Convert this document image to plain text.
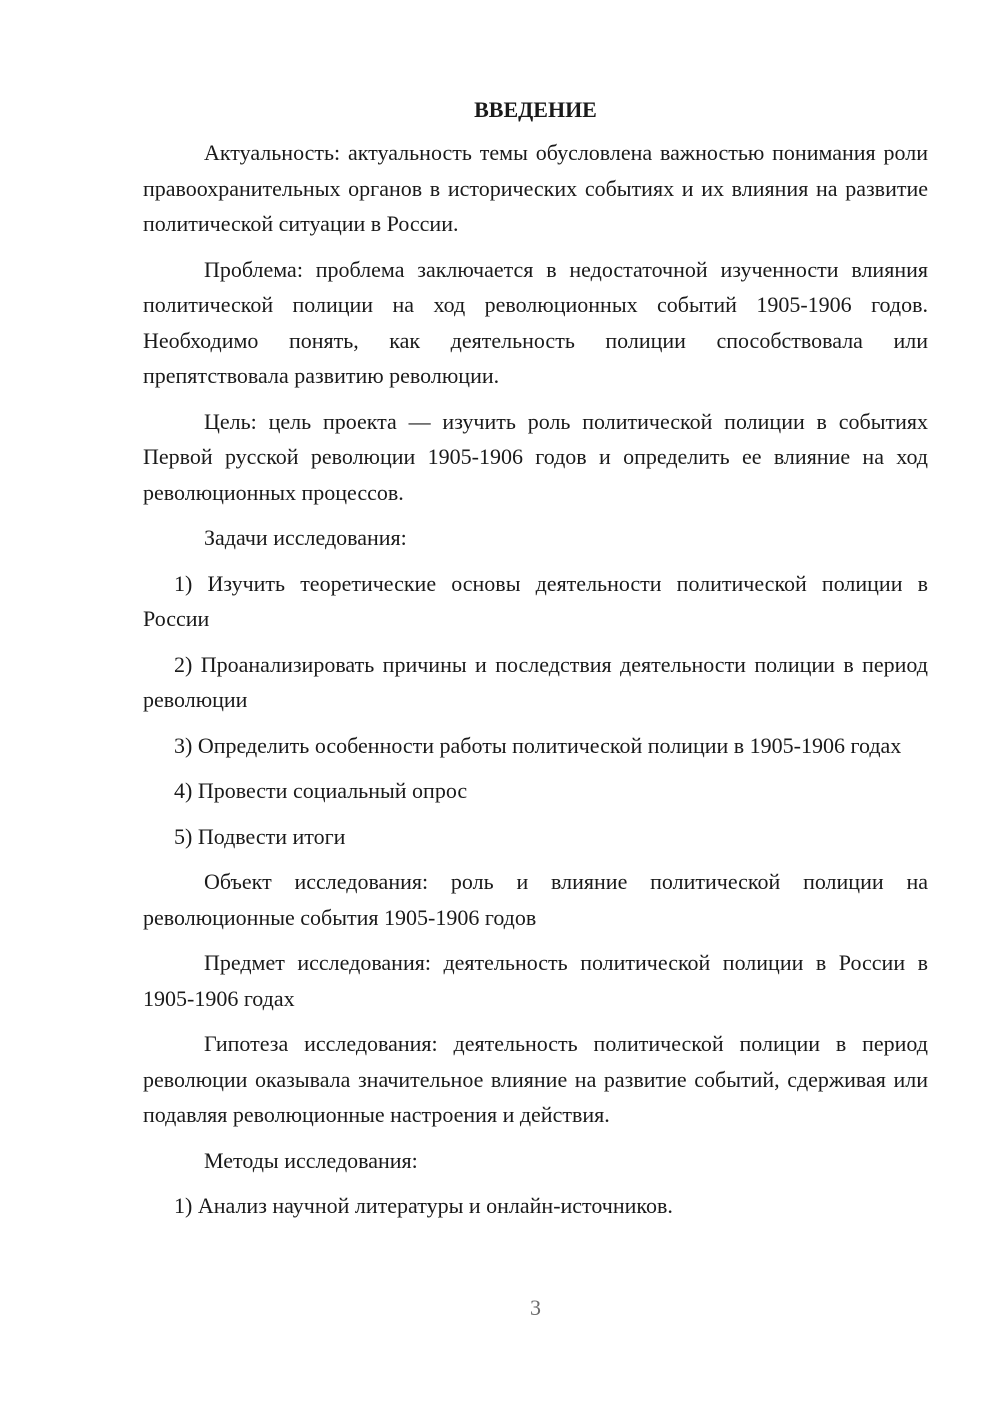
ВВЕДЕНИЕ

Актуальность: актуальность темы обусловлена важностью понимания роли правоохранительных органов в исторических событиях и их влияния на развитие политической ситуации в России.

Проблема: проблема заключается в недостаточной изученности влияния политической полиции на ход революционных событий 1905-1906 годов. Необходимо понять, как деятельность полиции способствовала или препятствовала развитию революции.

Цель: цель проекта — изучить роль политической полиции в событиях Первой русской революции 1905-1906 годов и определить ее влияние на ход революционных процессов.

Задачи исследования:

1) Изучить теоретические основы деятельности политической полиции в России

2) Проанализировать причины и последствия деятельности полиции в период революции

3) Определить особенности работы политической полиции в 1905-1906 годах

4) Провести социальный опрос

5) Подвести итоги

Объект исследования: роль и влияние политической полиции на революционные события 1905-1906 годов

Предмет исследования: деятельность политической полиции в России в 1905-1906 годах

Гипотеза исследования: деятельность политической полиции в период революции оказывала значительное влияние на развитие событий, сдерживая или подавляя революционные настроения и действия.

Методы исследования:

1) Анализ научной литературы и онлайн-источников.

3
